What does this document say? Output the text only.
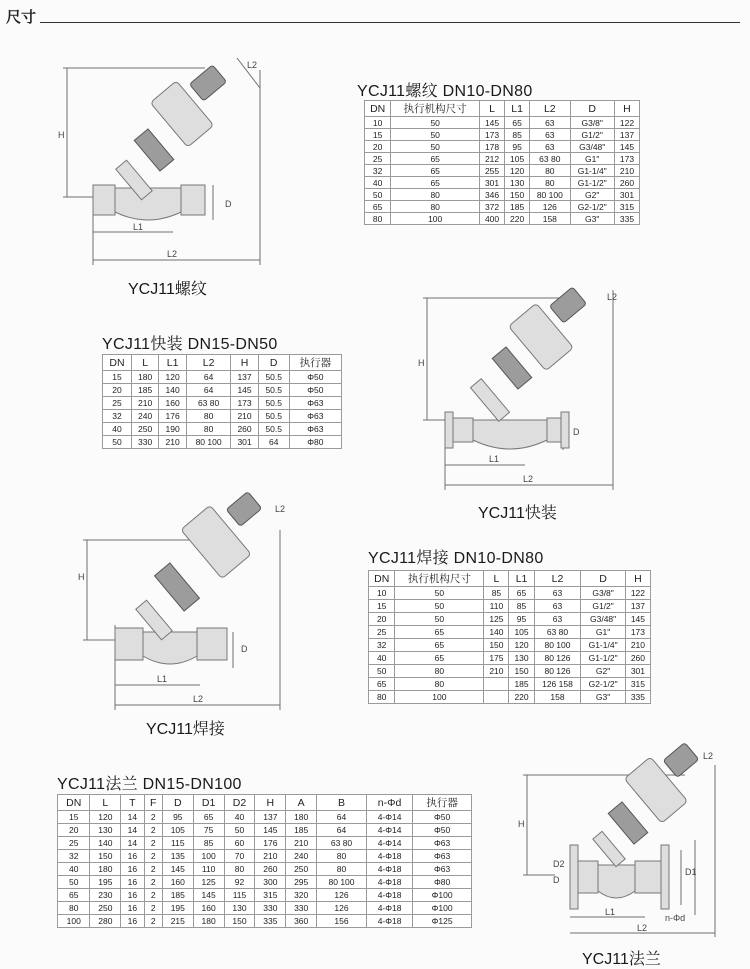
尺寸
H
D
L1
L2
L2
YCJ11螺纹
YCJ11螺纹 DN10-DN80
DN	执行机构尺寸	L	L1	L2	D	H
10	50	145	65	63	G3/8"	122
15	50	173	85	63	G1/2"	137
20	50	178	95	63	G3/48"	145
25	65	212	105	63 80	G1"	173
32	65	255	120	80	G1-1/4"	210
40	65	301	130	80	G1-1/2"	260
50	80	346	150	80 100	G2"	301
65	80	372	185	126	G2-1/2"	315
80	100	400	220	158	G3"	335
YCJ11快装 DN15-DN50
DN	L	L1	L2	H	D	执行器
15	180	120	64	137	50.5	Φ50
20	185	140	64	145	50.5	Φ50
25	210	160	63 80	173	50.5	Φ63
32	240	176	80	210	50.5	Φ63
40	250	190	80	260	50.5	Φ63
50	330	210	80 100	301	64	Φ80
H
D
L1
L2
L2
YCJ11快装
H
D
L1
L2
L2
YCJ11焊接
YCJ11焊接 DN10-DN80
DN	执行机构尺寸	L	L1	L2	D	H
10	50	85	65	63	G3/8"	122
15	50	110	85	63	G1/2"	137
20	50	125	95	63	G3/48"	145
25	65	140	105	63 80	G1"	173
32	65	150	120	80 100	G1-1/4"	210
40	65	175	130	80 126	G1-1/2"	260
50	80	210	150	80 126	G2"	301
65	80		185	126 158	G2-1/2"	315
80	100		220	158	G3"	335
YCJ11法兰 DN15-DN100
DN	L	T	F	D	D1	D2	H	A	B	n-Φd	执行器
15	120	14	2	95	65	40	137	180	64	4-Φ14	Φ50
20	130	14	2	105	75	50	145	185	64	4-Φ14	Φ50
25	140	14	2	115	85	60	176	210	63 80	4-Φ14	Φ63
32	150	16	2	135	100	70	210	240	80	4-Φ18	Φ63
40	180	16	2	145	110	80	260	250	80	4-Φ18	Φ63
50	195	16	2	160	125	92	300	295	80 100	4-Φ18	Φ80
65	230	16	2	185	145	115	315	320	126	4-Φ18	Φ100
80	250	16	2	195	160	130	330	330	126	4-Φ18	Φ100
100	280	16	2	215	180	150	335	360	156	4-Φ18	Φ125
H
D
D2
D1
L1
L2
n-Φd
L2
YCJ11法兰
